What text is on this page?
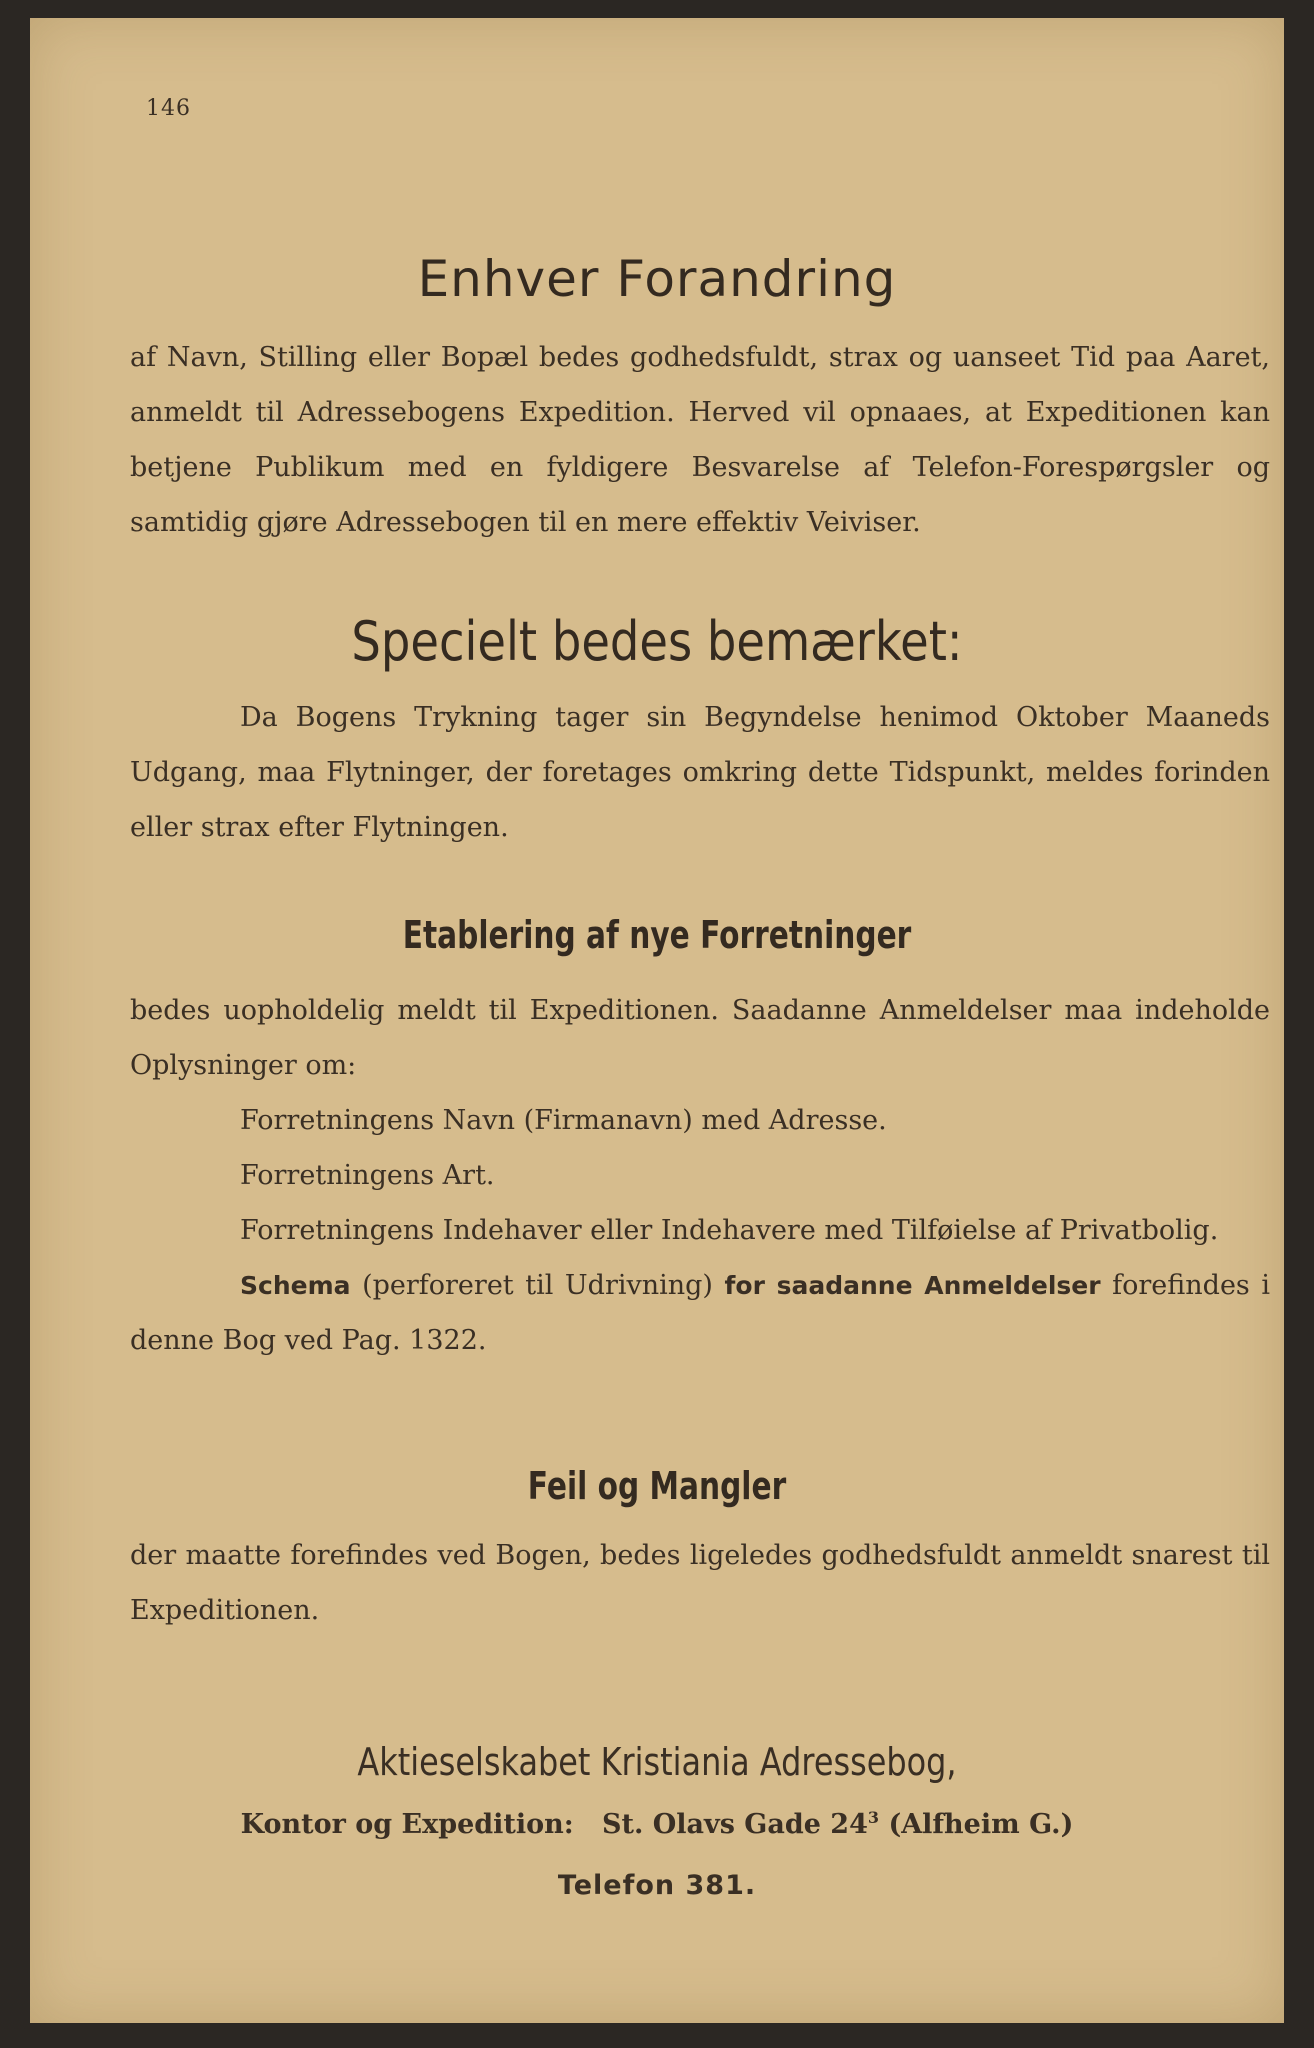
146
Enhver Forandring
af Navn, Stilling eller Bopæl bedes godhedsfuldt, strax og uanseet Tid paa Aaret, anmeldt til Adressebogens Expedition. Herved vil opnaaes, at Expeditionen kan betjene Publikum med en fyldigere Besvarelse af Telefon-Forespørgsler og samtidig gjøre Adressebogen til en mere effektiv Veiviser.
Specielt bedes bemærket:
Da Bogens Trykning tager sin Begyndelse henimod Oktober Maaneds Udgang, maa Flytninger, der foretages omkring dette Tidspunkt, meldes forinden eller strax efter Flytningen.
Etablering af nye Forretninger
bedes uopholdelig meldt til Expeditionen. Saadanne Anmeldelser maa indeholde Oplysninger om:
Forretningens Navn (Firmanavn) med Adresse.
Forretningens Art.
Forretningens Indehaver eller Indehavere med Tilføielse af Privatbolig.
Schema (perforeret til Udrivning) for saadanne Anmeldelser forefindes i denne Bog ved Pag. 1322.
Feil og Mangler
der maatte forefindes ved Bogen, bedes ligeledes godhedsfuldt anmeldt snarest til Expeditionen.
Aktieselskabet Kristiania Adressebog,
Kontor og Expedition: St. Olavs Gade $24^3$ (Alfheim G.)
Telefon 381.
